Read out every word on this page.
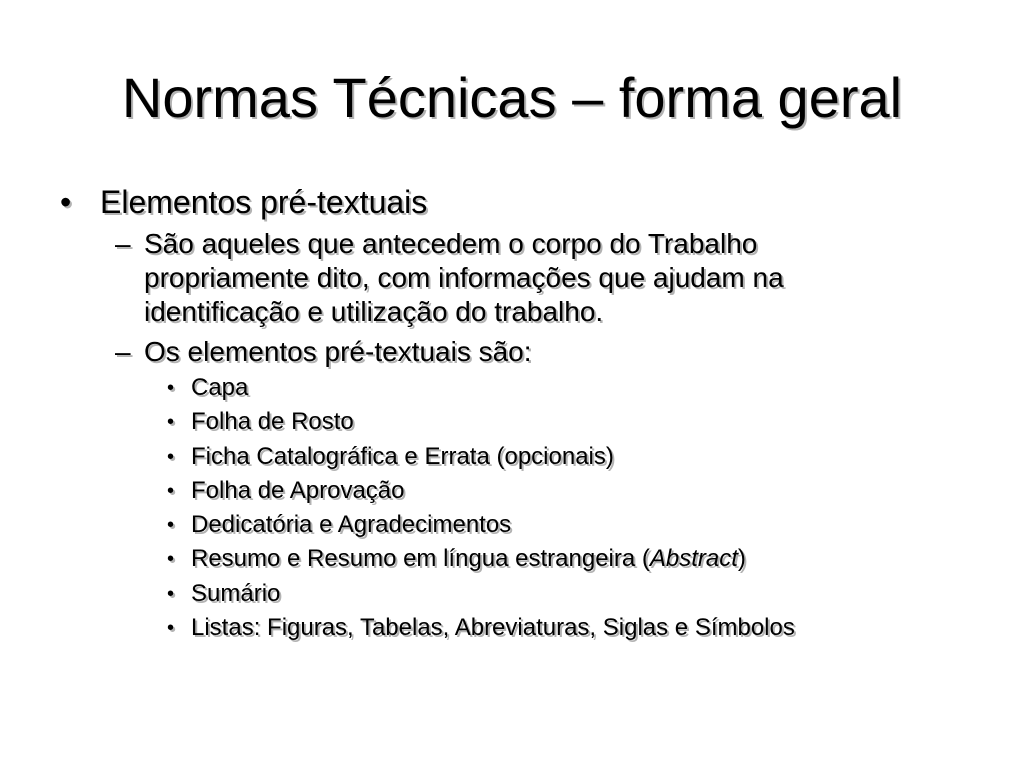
Normas Técnicas – forma geral
• Elementos pré-textuais
– São aqueles que antecedem o corpo do Trabalho
propriamente dito, com informações que ajudam na
identificação e utilização do trabalho.
– Os elementos pré-textuais são:
• Capa
• Folha de Rosto
• Ficha Catalográfica e Errata (opcionais)
• Folha de Aprovação
• Dedicatória e Agradecimentos
• Resumo e Resumo em língua estrangeira (Abstract)
• Sumário
• Listas: Figuras, Tabelas, Abreviaturas, Siglas e Símbolos
